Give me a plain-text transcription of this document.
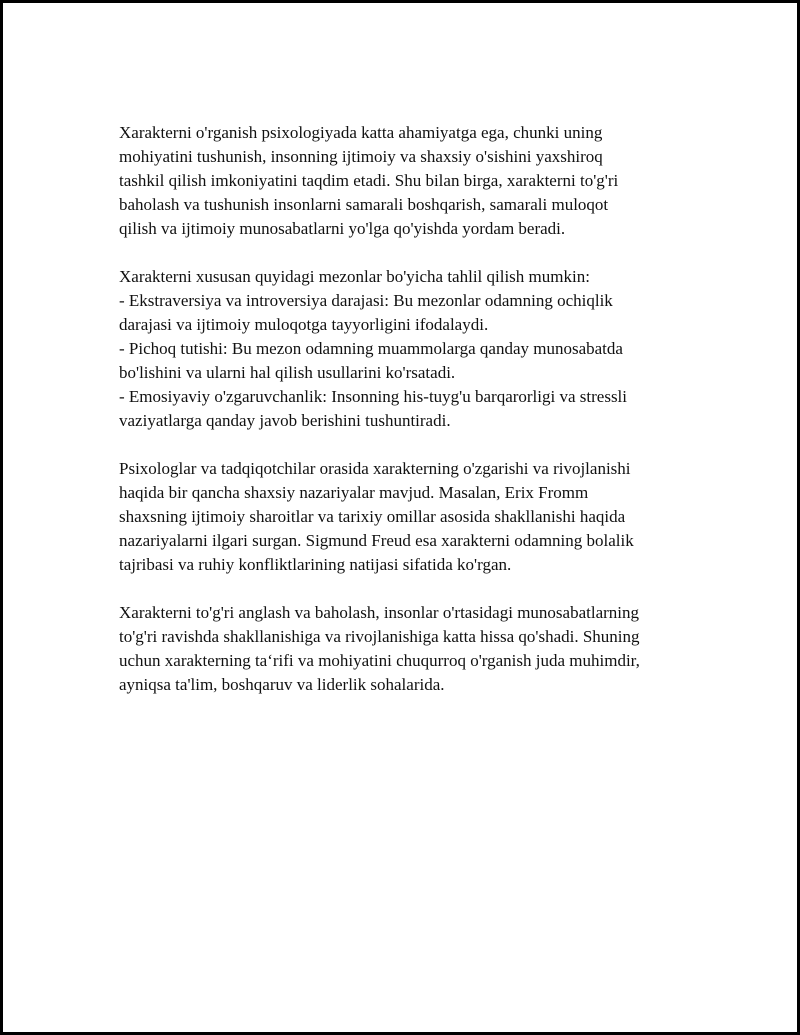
Xarakterni o'rganish psixologiyada katta ahamiyatga ega, chunki uning
mohiyatini tushunish, insonning ijtimoiy va shaxsiy o'sishini yaxshiroq
tashkil qilish imkoniyatini taqdim etadi. Shu bilan birga, xarakterni to'g'ri
baholash va tushunish insonlarni samarali boshqarish, samarali muloqot
qilish va ijtimoiy munosabatlarni yo'lga qo'yishda yordam beradi.

Xarakterni xususan quyidagi mezonlar bo'yicha tahlil qilish mumkin:
- Ekstraversiya va introversiya darajasi: Bu mezonlar odamning ochiqlik
darajasi va ijtimoiy muloqotga tayyorligini ifodalaydi.
- Pichoq tutishi: Bu mezon odamning muammolarga qanday munosabatda
bo'lishini va ularni hal qilish usullarini ko'rsatadi.
- Emosiyaviy o'zgaruvchanlik: Insonning his-tuyg'u barqarorligi va stressli
vaziyatlarga qanday javob berishini tushuntiradi.

Psixologlar va tadqiqotchilar orasida xarakterning o'zgarishi va rivojlanishi
haqida bir qancha shaxsiy nazariyalar mavjud. Masalan, Erix Fromm
shaxsning ijtimoiy sharoitlar va tarixiy omillar asosida shakllanishi haqida
nazariyalarni ilgari surgan. Sigmund Freud esa xarakterni odamning bolalik
tajribasi va ruhiy konfliktlarining natijasi sifatida ko'rgan.

Xarakterni to'g'ri anglash va baholash, insonlar o'rtasidagi munosabatlarning
to'g'ri ravishda shakllanishiga va rivojlanishiga katta hissa qo'shadi. Shuning
uchun xarakterning ta‘rifi va mohiyatini chuqurroq o'rganish juda muhimdir,
ayniqsa ta'lim, boshqaruv va liderlik sohalarida.
